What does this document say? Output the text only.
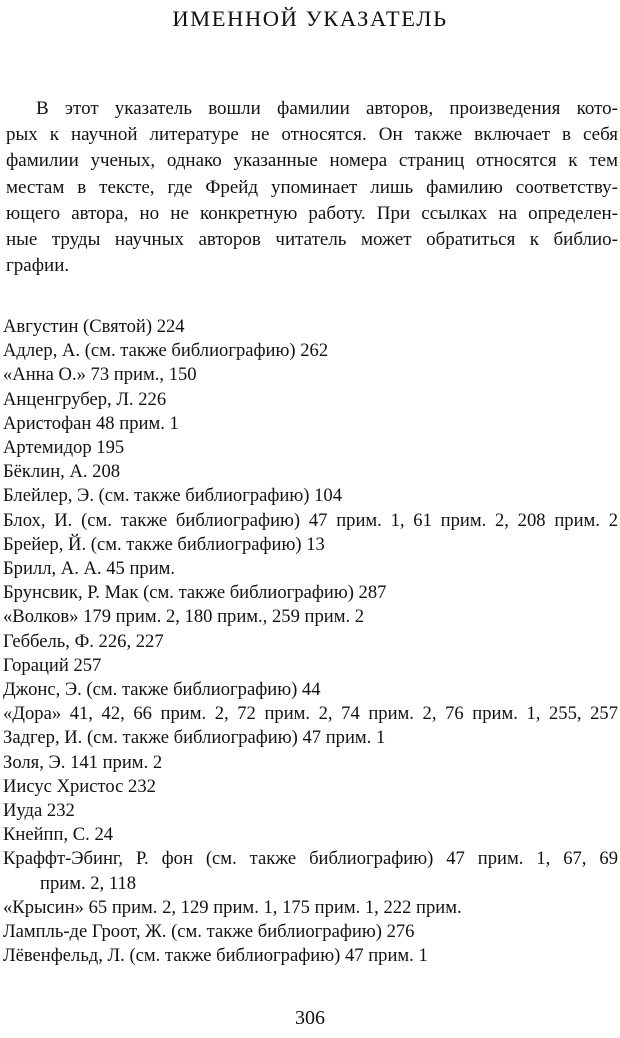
ИМЕННОЙ УКАЗАТЕЛЬ
В этот указатель вошли фамилии авторов, произведения кото-
рых к научной литературе не относятся. Он также включает в себя
фамилии ученых, однако указанные номера страниц относятся к тем
местам в тексте, где Фрейд упоминает лишь фамилию соответству-
ющего автора, но не конкретную работу. При ссылках на определен-
ные труды научных авторов читатель может обратиться к библио-
графии.
Августин (Святой) 224
Адлер, А. (см. также библиографию) 262
«Анна О.» 73 прим., 150
Анценгрубер, Л. 226
Аристофан 48 прим. 1
Артемидор 195
Бёклин, А. 208
Блейлер, Э. (см. также библиографию) 104
Блох, И. (см. также библиографию) 47 прим. 1, 61 прим. 2, 208 прим. 2
Брейер, Й. (см. также библиографию) 13
Брилл, А. А. 45 прим.
Брунсвик, Р. Мак (см. также библиографию) 287
«Волков» 179 прим. 2, 180 прим., 259 прим. 2
Геббель, Ф. 226, 227
Гораций 257
Джонс, Э. (см. также библиографию) 44
«Дора» 41, 42, 66 прим. 2, 72 прим. 2, 74 прим. 2, 76 прим. 1, 255, 257
Задгер, И. (см. также библиографию) 47 прим. 1
Золя, Э. 141 прим. 2
Иисус Христос 232
Иуда 232
Кнейпп, С. 24
Краффт-Эбинг, Р. фон (см. также библиографию) 47 прим. 1, 67, 69
прим. 2, 118
«Крысин» 65 прим. 2, 129 прим. 1, 175 прим. 1, 222 прим.
Лампль-де Гроот, Ж. (см. также библиографию) 276
Лёвенфельд, Л. (см. также библиографию) 47 прим. 1
306
